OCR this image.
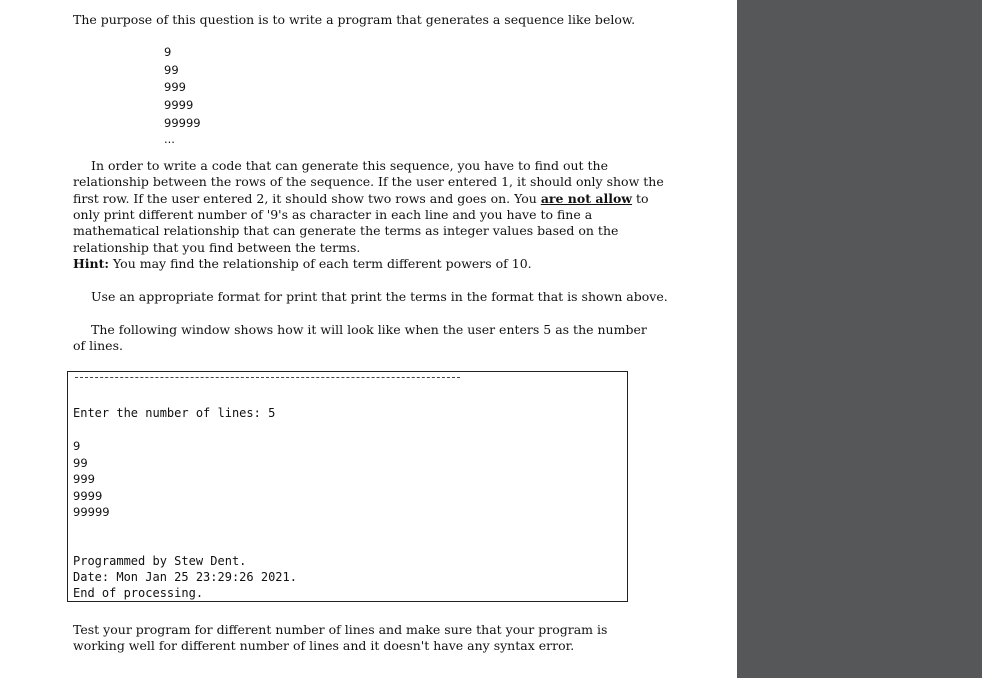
The purpose of this question is to write a program that generates a sequence like below.

9
99
999
9999
99999
...

In order to write a code that can generate this sequence, you have to find out the

relationship between the rows of the sequence. If the user entered 1, it should only show the

first row. If the user entered 2, it should show two rows and goes on. You are not allow to

only print different number of '9's as character in each line and you have to fine a

mathematical relationship that can generate the terms as integer values based on the

relationship that you find between the terms.

Hint: You may find the relationship of each term different powers of 10.

Use an appropriate format for print that print the terms in the format that is shown above.

The following window shows how it will look like when the user enters 5 as the number

of lines.

Enter the number of lines: 5
9
99
999
9999
99999
Programmed by Stew Dent.
Date: Mon Jan 25 23:29:26 2021.
End of processing.

Test your program for different number of lines and make sure that your program is

working well for different number of lines and it doesn't have any syntax error.
